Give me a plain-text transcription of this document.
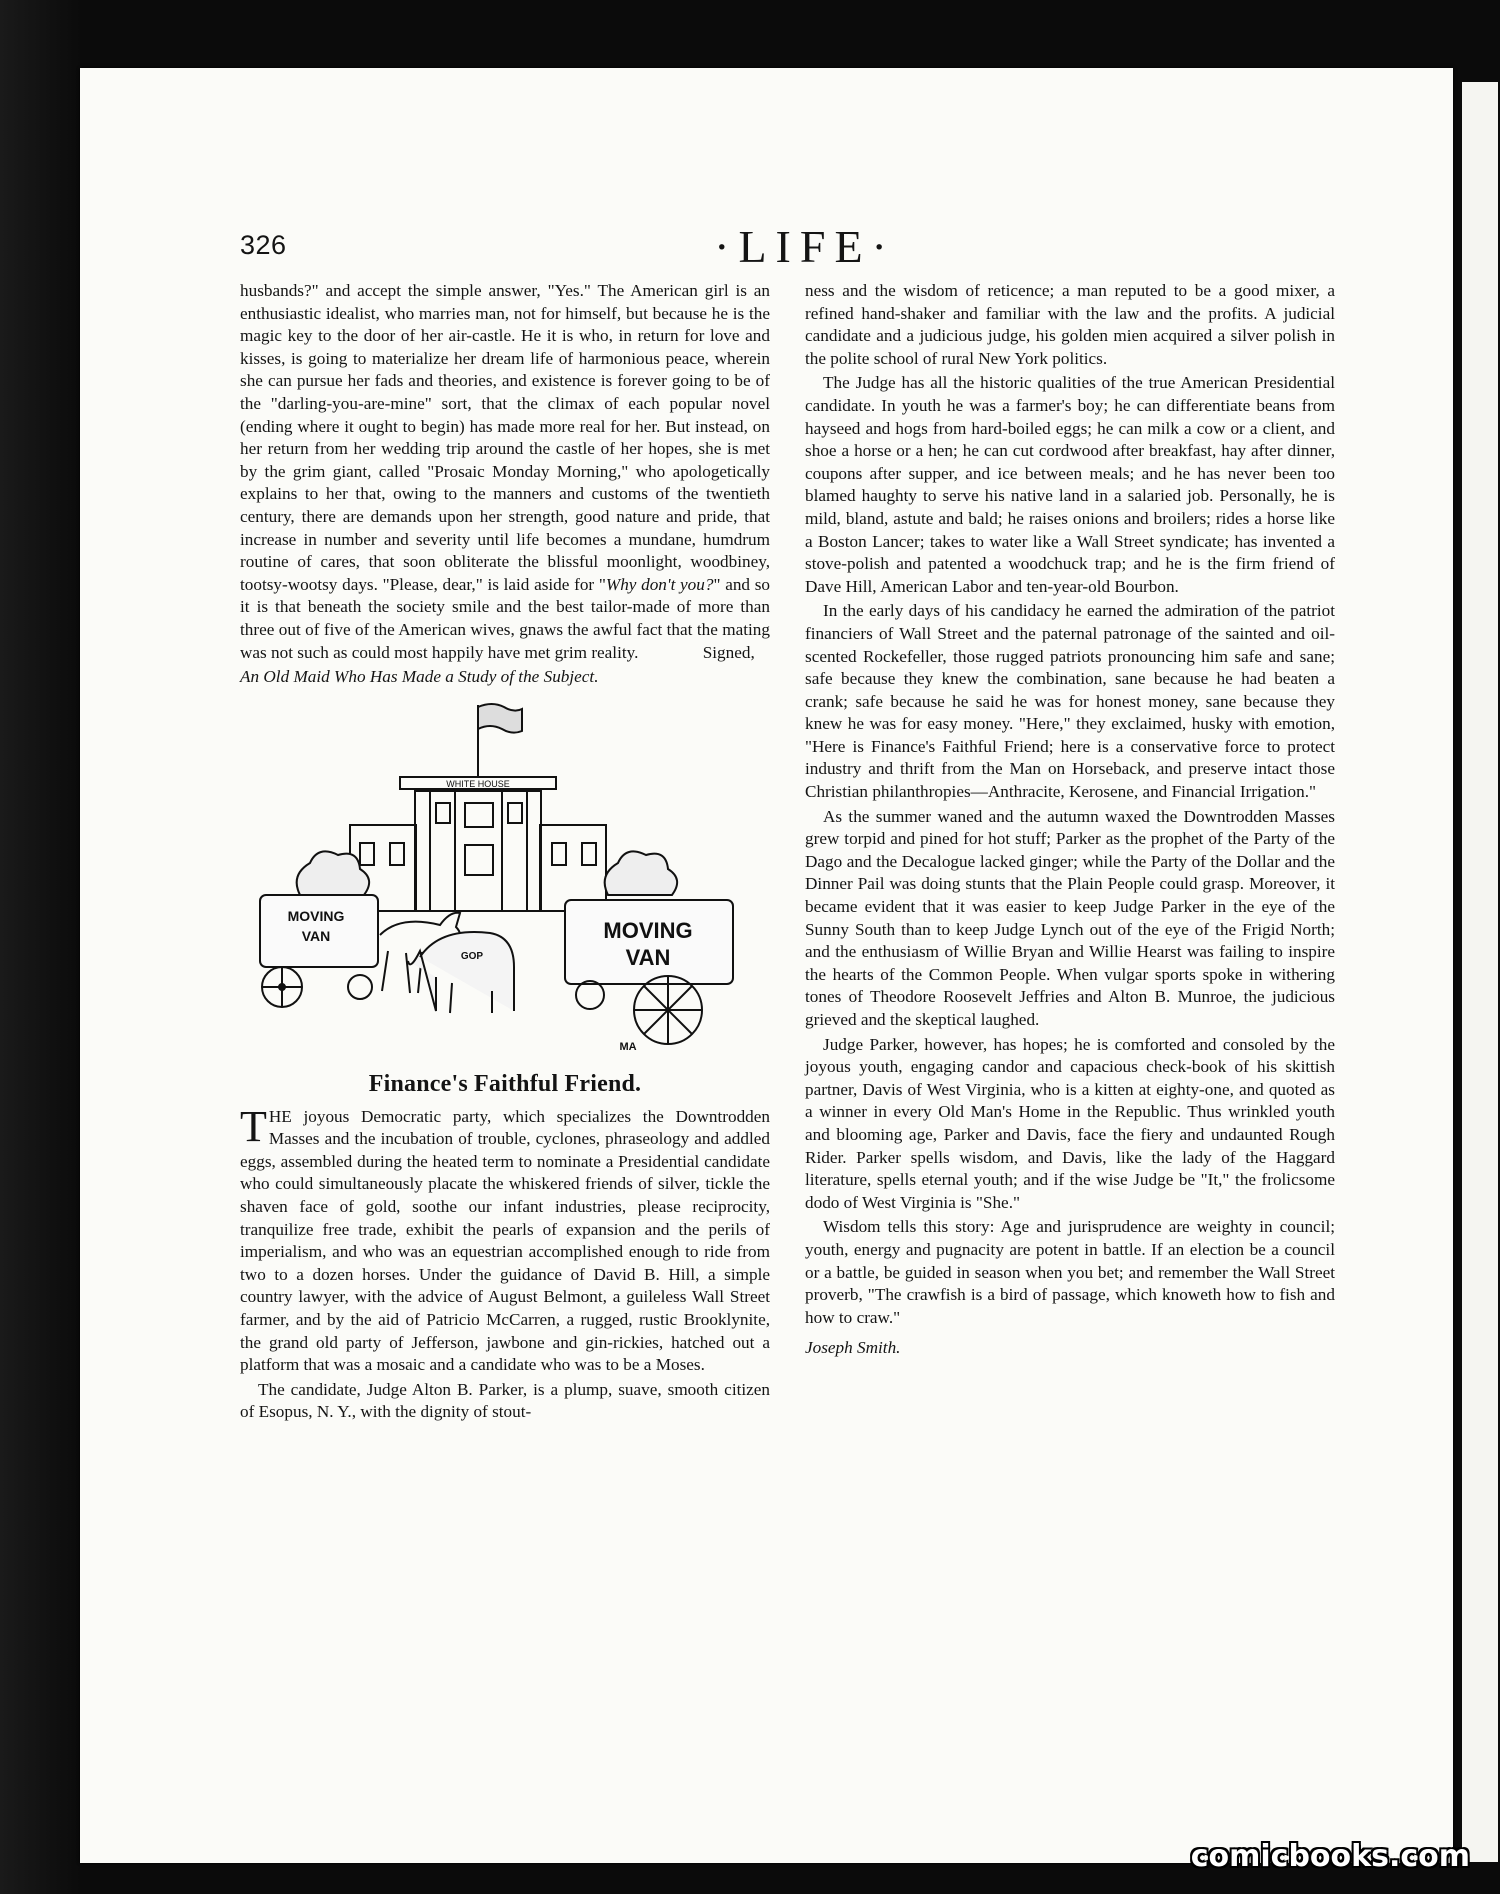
326	·LIFE·

husbands?" and accept the simple answer, "Yes." The American girl is an enthusiastic idealist, who marries man, not for himself, but because he is the magic key to the door of her air-castle. He it is who, in return for love and kisses, is going to materialize her dream life of harmonious peace, wherein she can pursue her fads and theories, and existence is forever going to be of the "darling-you-are-mine" sort, that the climax of each popular novel (ending where it ought to begin) has made more real for her. But instead, on her return from her wedding trip around the castle of her hopes, she is met by the grim giant, called "Prosaic Monday Morning," who apologetically explains to her that, owing to the manners and customs of the twentieth century, there are demands upon her strength, good nature and pride, that increase in number and severity until life becomes a mundane, humdrum routine of cares, that soon obliterate the blissful moonlight, woodbiney, tootsy-wootsy days. "Please, dear," is laid aside for "Why don't you?" and so it is that beneath the society smile and the best tailor-made of more than three out of five of the American wives, gnaws the awful fact that the mating was not such as could most happily have met grim reality.	Signed,

An Old Maid Who Has Made a Study of the Subject.

WHITE HOUSE
MOVING
VAN	MOVING
VAN
GOP
MA
Finance's Faithful Friend.

THE joyous Democratic party, which specializes the Downtrodden Masses and the incubation of trouble, cyclones, phraseology and addled eggs, assembled during the heated term to nominate a Presidential candidate who could simultaneously placate the whiskered friends of silver, tickle the shaven face of gold, soothe our infant industries, please reciprocity, tranquilize free trade, exhibit the pearls of expansion and the perils of imperialism, and who was an equestrian accomplished enough to ride from two to a dozen horses. Under the guidance of David B. Hill, a simple country lawyer, with the advice of August Belmont, a guileless Wall Street farmer, and by the aid of Patricio McCarren, a rugged, rustic Brooklynite, the grand old party of Jefferson, jawbone and gin-rickies, hatched out a platform that was a mosaic and a candidate who was to be a Moses.

The candidate, Judge Alton B. Parker, is a plump, suave, smooth citizen of Esopus, N. Y., with the dignity of stout-

ness and the wisdom of reticence; a man reputed to be a good mixer, a refined hand-shaker and familiar with the law and the profits. A judicial candidate and a judicious judge, his golden mien acquired a silver polish in the polite school of rural New York politics.

The Judge has all the historic qualities of the true American Presidential candidate. In youth he was a farmer's boy; he can differentiate beans from hayseed and hogs from hard-boiled eggs; he can milk a cow or a client, and shoe a horse or a hen; he can cut cordwood after breakfast, hay after dinner, coupons after supper, and ice between meals; and he has never been too blamed haughty to serve his native land in a salaried job. Personally, he is mild, bland, astute and bald; he raises onions and broilers; rides a horse like a Boston Lancer; takes to water like a Wall Street syndicate; has invented a stove-polish and patented a woodchuck trap; and he is the firm friend of Dave Hill, American Labor and ten-year-old Bourbon.

In the early days of his candidacy he earned the admiration of the patriot financiers of Wall Street and the paternal patronage of the sainted and oil-scented Rockefeller, those rugged patriots pronouncing him safe and sane; safe because they knew the combination, sane because he had beaten a crank; safe because he said he was for honest money, sane because they knew he was for easy money. "Here," they exclaimed, husky with emotion, "Here is Finance's Faithful Friend; here is a conservative force to protect industry and thrift from the Man on Horseback, and preserve intact those Christian philanthropies—Anthracite, Kerosene, and Financial Irrigation."

As the summer waned and the autumn waxed the Downtrodden Masses grew torpid and pined for hot stuff; Parker as the prophet of the Party of the Dago and the Decalogue lacked ginger; while the Party of the Dollar and the Dinner Pail was doing stunts that the Plain People could grasp. Moreover, it became evident that it was easier to keep Judge Parker in the eye of the Sunny South than to keep Judge Lynch out of the eye of the Frigid North; and the enthusiasm of Willie Bryan and Willie Hearst was failing to inspire the hearts of the Common People. When vulgar sports spoke in withering tones of Theodore Roosevelt Jeffries and Alton B. Munroe, the judicious grieved and the skeptical laughed.

Judge Parker, however, has hopes; he is comforted and consoled by the joyous youth, engaging candor and capacious check-book of his skittish partner, Davis of West Virginia, who is a kitten at eighty-one, and quoted as a winner in every Old Man's Home in the Republic. Thus wrinkled youth and blooming age, Parker and Davis, face the fiery and undaunted Rough Rider. Parker spells wisdom, and Davis, like the lady of the Haggard literature, spells eternal youth; and if the wise Judge be "It," the frolicsome dodo of West Virginia is "She."

Wisdom tells this story: Age and jurisprudence are weighty in council; youth, energy and pugnacity are potent in battle. If an election be a council or a battle, be guided in season when you bet; and remember the Wall Street proverb, "The crawfish is a bird of passage, which knoweth how to fish and how to craw."

Joseph Smith.

comicbooks.com
